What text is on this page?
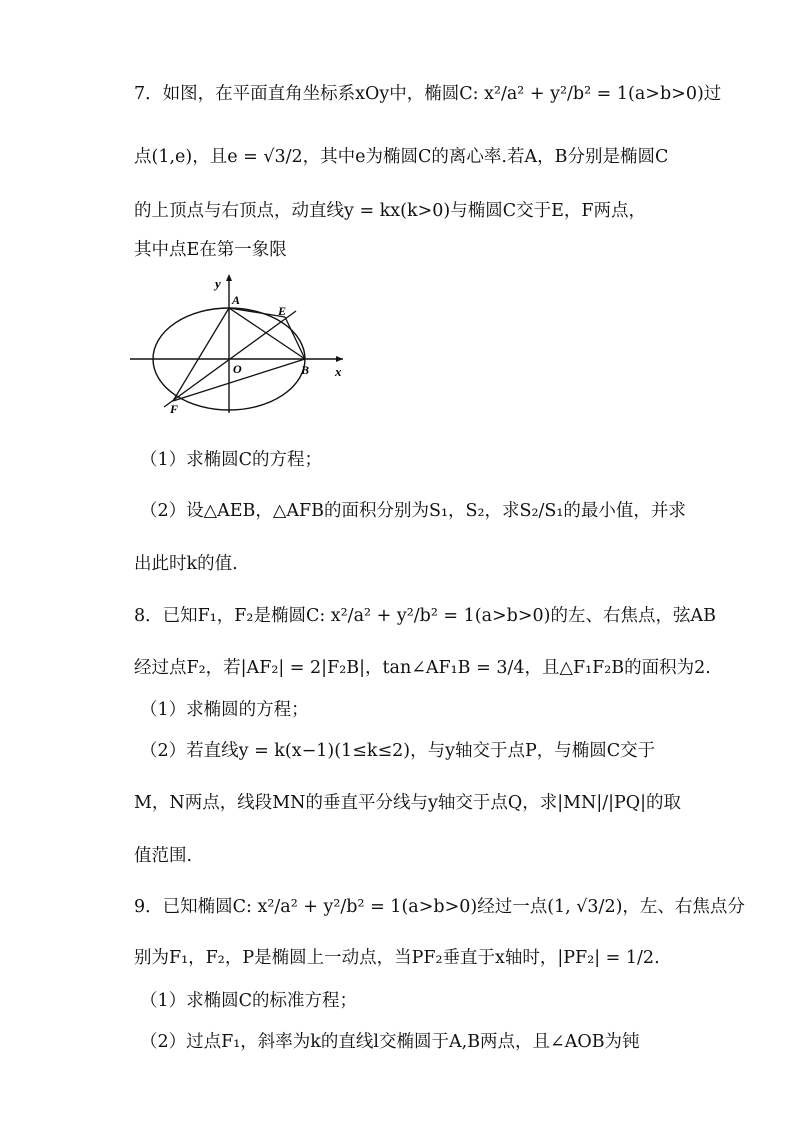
7．如图，在平面直角坐标系xOy中，椭圆C: x²/a² + y²/b² = 1(a>b>0)过
点(1,e)，且e = √3/2，其中e为椭圆C的离心率.若A，B分别是椭圆C
的上顶点与右顶点，动直线y = kx(k>0)与椭圆C交于E，F两点，
其中点E在第一象限
y
x
A
E
O	B
F
（1）求椭圆C的方程；
（2）设△AEB，△AFB的面积分别为S₁，S₂，求S₂/S₁的最小值，并求
出此时k的值.
8．已知F₁，F₂是椭圆C: x²/a² + y²/b² = 1(a>b>0)的左、右焦点，弦AB
经过点F₂，若|AF₂| = 2|F₂B|，tan∠AF₁B = 3/4，且△F₁F₂B的面积为2.
（1）求椭圆的方程；
（2）若直线y = k(x−1)(1≤k≤2)，与y轴交于点P，与椭圆C交于
M，N两点，线段MN的垂直平分线与y轴交于点Q，求|MN|/|PQ|的取
值范围.
9．已知椭圆C: x²/a² + y²/b² = 1(a>b>0)经过一点(1, √3/2)，左、右焦点分
别为F₁，F₂，P是椭圆上一动点，当PF₂垂直于x轴时，|PF₂| = 1/2.
（1）求椭圆C的标准方程；
（2）过点F₁，斜率为k的直线l交椭圆于A,B两点，且∠AOB为钝
